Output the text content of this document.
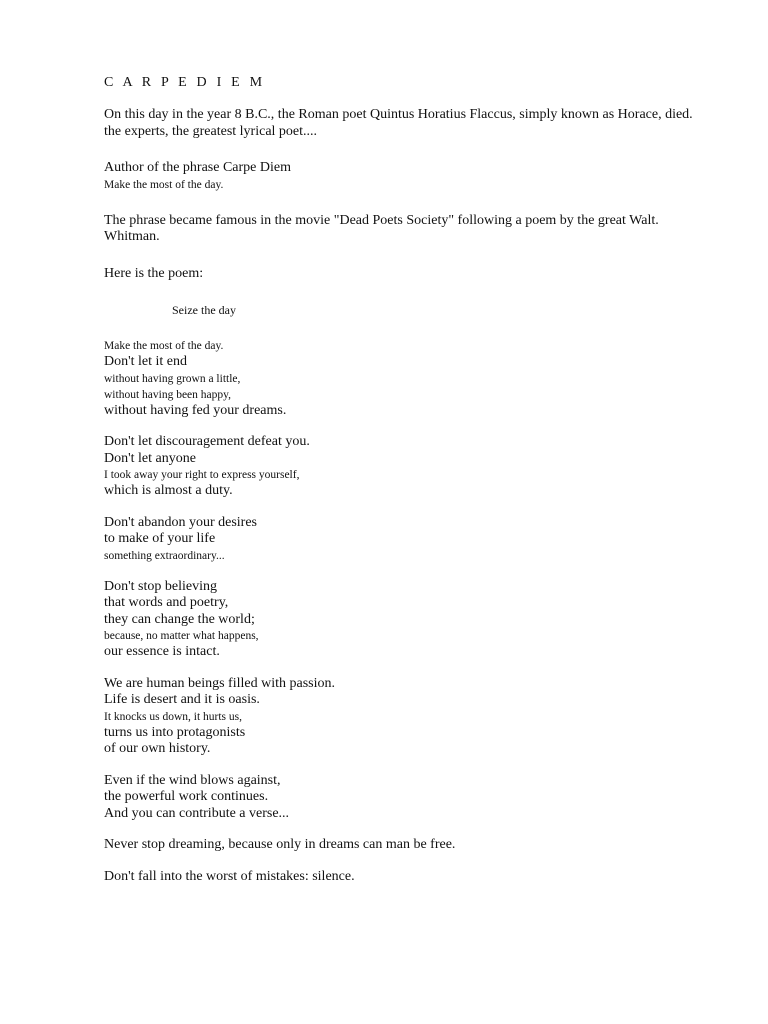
C A R P E D I E M
On this day in the year 8 B.C., the Roman poet Quintus Horatius Flaccus, simply known as Horace, died.
the experts, the greatest lyrical poet....
Author of the phrase Carpe Diem
Make the most of the day.
The phrase became famous in the movie "Dead Poets Society" following a poem by the great Walt.
Whitman.
Here is the poem:
Seize the day
Make the most of the day.
Don't let it end
without having grown a little,
without having been happy,
without having fed your dreams.
Don't let discouragement defeat you.
Don't let anyone
I took away your right to express yourself,
which is almost a duty.
Don't abandon your desires
to make of your life
something extraordinary...
Don't stop believing
that words and poetry,
they can change the world;
because, no matter what happens,
our essence is intact.
We are human beings filled with passion.
Life is desert and it is oasis.
It knocks us down, it hurts us,
turns us into protagonists
of our own history.
Even if the wind blows against,
the powerful work continues.
And you can contribute a verse...
Never stop dreaming, because only in dreams can man be free.
Don't fall into the worst of mistakes: silence.
